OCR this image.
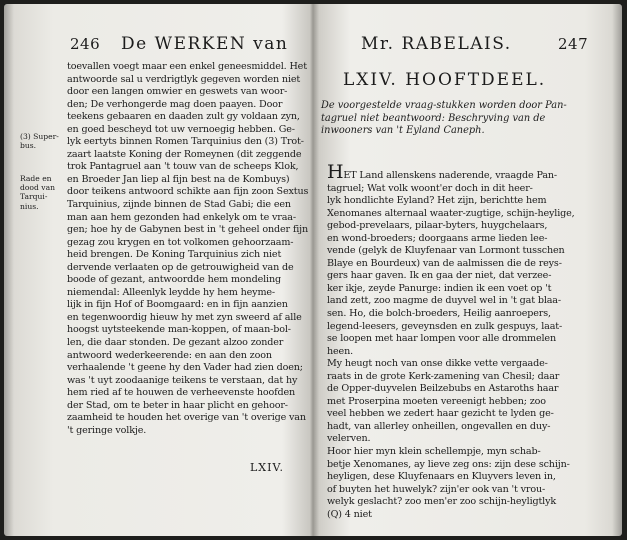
246 De WERKEN van
(3) Super-
bus.
Rade en
dood van
Tarqui-
nius.
toevallen voegt maar een enkel geneesmiddel. Het
antwoorde sal u verdrigtlyk gegeven worden niet
door een langen omwier en geswets van woor-
den; De verhongerde mag doen paayen. Door
teekens gebaaren en daaden zult gy voldaan zyn,
en goed bescheyd tot uw vernoegig hebben. Ge-
lyk eertyts binnen Romen Tarquinius den (3) Trot-
zaart laatste Koning der Romeynen (dit zeggende
trok Pantagruel aan 't touw van de scheeps Klok,
en Broeder Jan liep al fijn best na de Kombuys)
door teikens antwoord schikte aan fijn zoon Sextus
Tarquinius, zijnde binnen de Stad Gabi; die een
man aan hem gezonden had enkelyk om te vraa-
gen; hoe hy de Gabynen best in 't geheel onder fijn
gezag zou krygen en tot volkomen gehoorzaam-
heid brengen. De Koning Tarquinius zich niet
dervende verlaaten op de getrouwigheid van de
boode of gezant, antwoordde hem mondeling
niemendal: Alleenlyk leydde hy hem heyme-
lijk in fijn Hof of Boomgaard: en in fijn aanzien
en tegenwoordig hieuw hy met zyn sweerd af alle
hoogst uytsteekende man-koppen, of maan-bol-
len, die daar stonden. De gezant alzoo zonder
antwoord wederkeerende: en aan den zoon
verhaalende 't geene hy den Vader had zien doen;
was 't uyt zoodaanige teikens te verstaan, dat hy
hem ried af te houwen de verheevenste hoofden
der Stad, om te beter in haar plicht en gehoor-
zaamheid te houden het overige van 't overige van
't geringe volkje.
LXIV.
Mr. RABELAIS.	247
LXIV. HOOFTDEEL.
De voorgestelde vraag-stukken worden door Pan-
tagruel niet beantwoord: Beschryving van de
inwooners van 't Eyland Caneph.
HET Land allenskens naderende, vraagde Pan-
tagruel; Wat volk woont'er doch in dit heer-
lyk hondlichte Eyland? Het zijn, berichtte hem
Xenomanes alternaal waater-zugtige, schijn-heylige,
gebod-prevelaars, pilaar-byters, huygchelaars,
en wond-broeders; doorgaans arme lieden lee-
vende (gelyk de Kluyfenaar van Lormont tusschen
Blaye en Bourdeux) van de aalmissen die de reys-
gers haar gaven. Ik en gaa der niet, dat verzee-
ker ikje, zeyde Panurge: indien ik een voet op 't
land zett, zoo magme de duyvel wel in 't gat blaa-
sen. Ho, die bolch-broeders, Heilig aanroepers,
legend-leesers, geveynsden en zulk gespuys, laat-
se loopen met haar lompen voor alle drommelen
heen.
My heugt noch van onse dikke vette vergaade-
raats in de grote Kerk-zamening van Chesil; daar
de Opper-duyvelen Beilzebubs en Astaroths haar
met Proserpina moeten vereenigt hebben; zoo
veel hebben we zedert haar gezicht te lyden ge-
hadt, van allerley onheillen, ongevallen en duy-
velerven.
Hoor hier myn klein schellempje, myn schab-
betje Xenomanes, ay lieve zeg ons: zijn dese schijn-
heyligen, dese Kluyfenaars en Kluyvers leven in,
of buyten het huwelyk? zijn'er ook van 't vrou-
welyk geslacht? zoo men'er zoo schijn-heyligtlyk
(Q) 4 niet
